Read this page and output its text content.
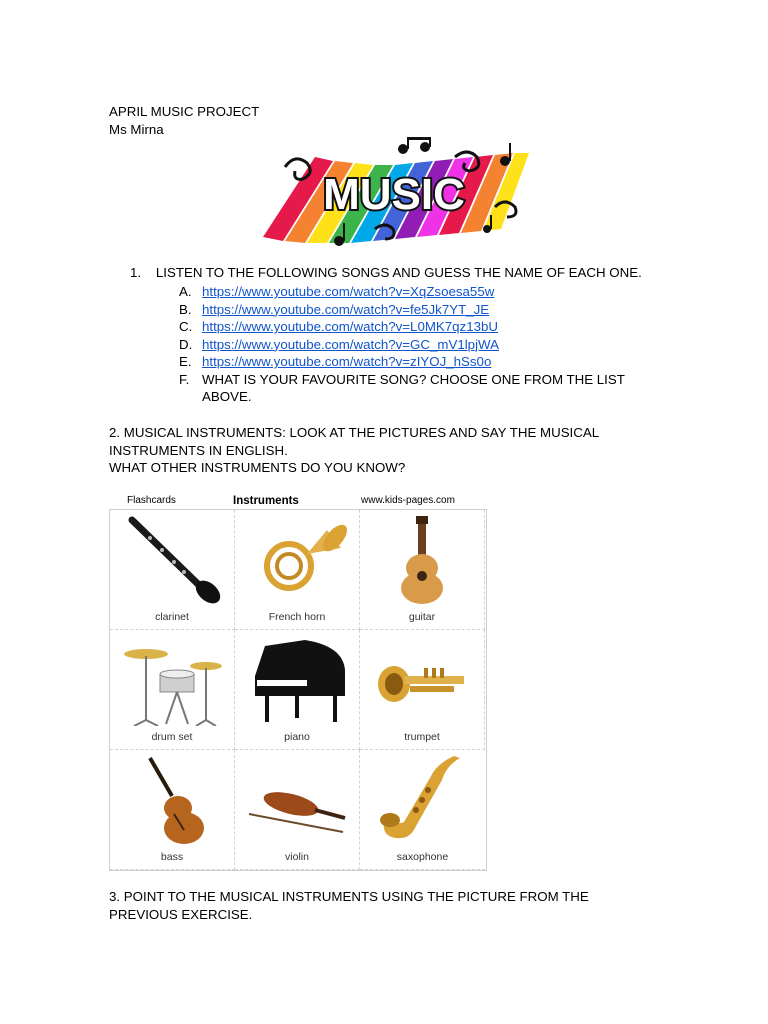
APRIL MUSIC PROJECT
Ms Mirna
MUSIC
1. LISTEN TO THE FOLLOWING SONGS AND GUESS THE NAME OF EACH ONE.
A. https://www.youtube.com/watch?v=XqZsoesa55w
B. https://www.youtube.com/watch?v=fe5Jk7YT_JE
C. https://www.youtube.com/watch?v=L0MK7qz13bU
D. https://www.youtube.com/watch?v=GC_mV1lpjWA
E. https://www.youtube.com/watch?v=zIYOJ_hSs0o
F. WHAT IS YOUR FAVOURITE SONG? CHOOSE ONE FROM THE LIST
ABOVE.
2. MUSICAL INSTRUMENTS: LOOK AT THE PICTURES AND SAY THE MUSICAL
INSTRUMENTS IN ENGLISH.
WHAT OTHER INSTRUMENTS DO YOU KNOW?
Flashcards	Instruments	www.kids-pages.com
clarinet	French horn	guitar
drum set	piano	trumpet
bass	violin	saxophone
3. POINT TO THE MUSICAL INSTRUMENTS USING THE PICTURE FROM THE
PREVIOUS EXERCISE.
